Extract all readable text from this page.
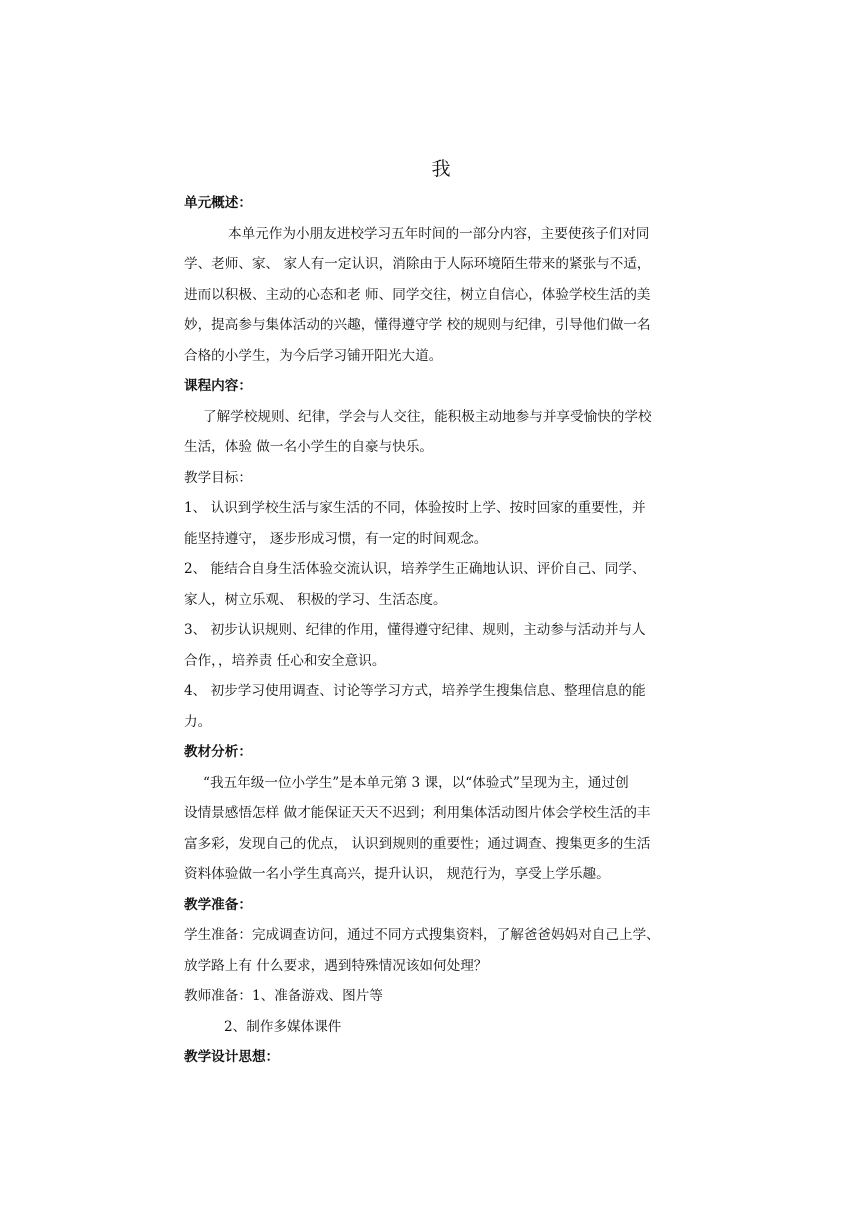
我

单元概述：

本单元作为小朋友进校学习五年时间的一部分内容，主要使孩子们对同

学、老师、家、 家人有一定认识，消除由于人际环境陌生带来的紧张与不适，

进而以积极、主动的心态和老 师、同学交往，树立自信心，体验学校生活的美

妙，提高参与集体活动的兴趣，懂得遵守学 校的规则与纪律，引导他们做一名

合格的小学生，为今后学习铺开阳光大道。

课程内容：

了解学校规则、纪律，学会与人交往，能积极主动地参与并享受愉快的学校

生活，体验 做一名小学生的自豪与快乐。

教学目标：

1、 认识到学校生活与家生活的不同，体验按时上学、按时回家的重要性，并

能坚持遵守， 逐步形成习惯，有一定的时间观念。

2、 能结合自身生活体验交流认识，培养学生正确地认识、评价自己、同学、

家人，树立乐观、 积极的学习、生活态度。

3、 初步认识规则、纪律的作用，懂得遵守纪律、规则，主动参与活动并与人

合作，，培养责 任心和安全意识。

4、 初步学习使用调查、讨论等学习方式，培养学生搜集信息、整理信息的能

力。

教材分析：

“我五年级一位小学生”是本单元第 3 课，以“体验式”呈现为主，通过创

设情景感悟怎样 做才能保证天天不迟到；利用集体活动图片体会学校生活的丰

富多彩，发现自己的优点， 认识到规则的重要性；通过调查、搜集更多的生活

资料体验做一名小学生真高兴，提升认识， 规范行为，享受上学乐趣。

教学准备：

学生准备：完成调查访问，通过不同方式搜集资料，了解爸爸妈妈对自己上学、

放学路上有 什么要求，遇到特殊情况该如何处理？

教师准备：1、准备游戏、图片等

2、制作多媒体课件

教学设计思想：
